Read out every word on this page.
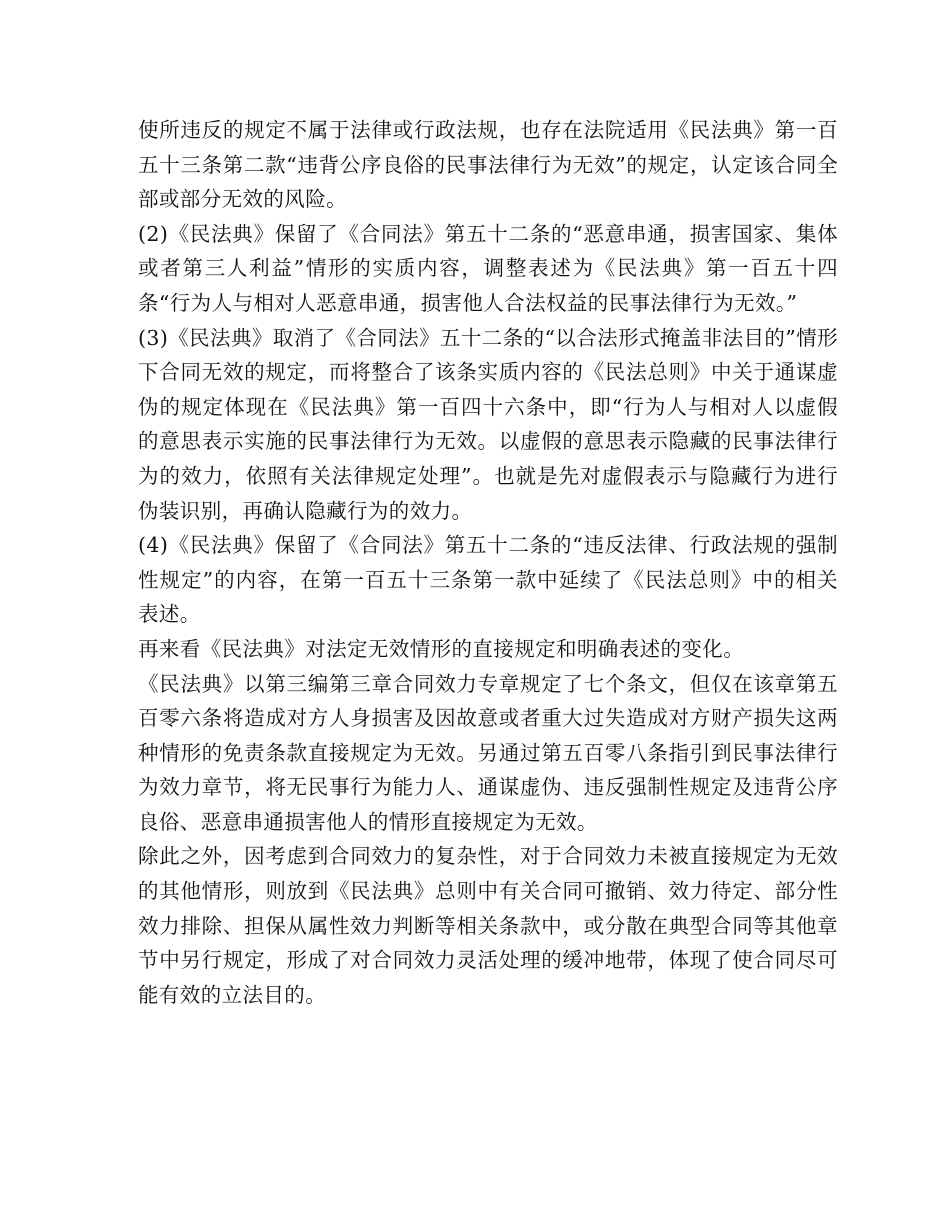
使所违反的规定不属于法律或行政法规，也存在法院适用《民法典》第一百五十三条第二款“违背公序良俗的民事法律行为无效”的规定，认定该合同全部或部分无效的风险。

(2)《民法典》保留了《合同法》第五十二条的“恶意串通，损害国家、集体或者第三人利益”情形的实质内容，调整表述为《民法典》第一百五十四条“行为人与相对人恶意串通，损害他人合法权益的民事法律行为无效。”

(3)《民法典》取消了《合同法》五十二条的“以合法形式掩盖非法目的”情形下合同无效的规定，而将整合了该条实质内容的《民法总则》中关于通谋虚伪的规定体现在《民法典》第一百四十六条中，即“行为人与相对人以虚假的意思表示实施的民事法律行为无效。以虚假的意思表示隐藏的民事法律行为的效力，依照有关法律规定处理”。也就是先对虚假表示与隐藏行为进行伪装识别，再确认隐藏行为的效力。

(4)《民法典》保留了《合同法》第五十二条的“违反法律、行政法规的强制性规定”的内容，在第一百五十三条第一款中延续了《民法总则》中的相关表述。

再来看《民法典》对法定无效情形的直接规定和明确表述的变化。

《民法典》以第三编第三章合同效力专章规定了七个条文，但仅在该章第五百零六条将造成对方人身损害及因故意或者重大过失造成对方财产损失这两种情形的免责条款直接规定为无效。另通过第五百零八条指引到民事法律行为效力章节，将无民事行为能力人、通谋虚伪、违反强制性规定及违背公序良俗、恶意串通损害他人的情形直接规定为无效。

除此之外，因考虑到合同效力的复杂性，对于合同效力未被直接规定为无效的其他情形，则放到《民法典》总则中有关合同可撤销、效力待定、部分性效力排除、担保从属性效力判断等相关条款中，或分散在典型合同等其他章节中另行规定，形成了对合同效力灵活处理的缓冲地带，体现了使合同尽可能有效的立法目的。
